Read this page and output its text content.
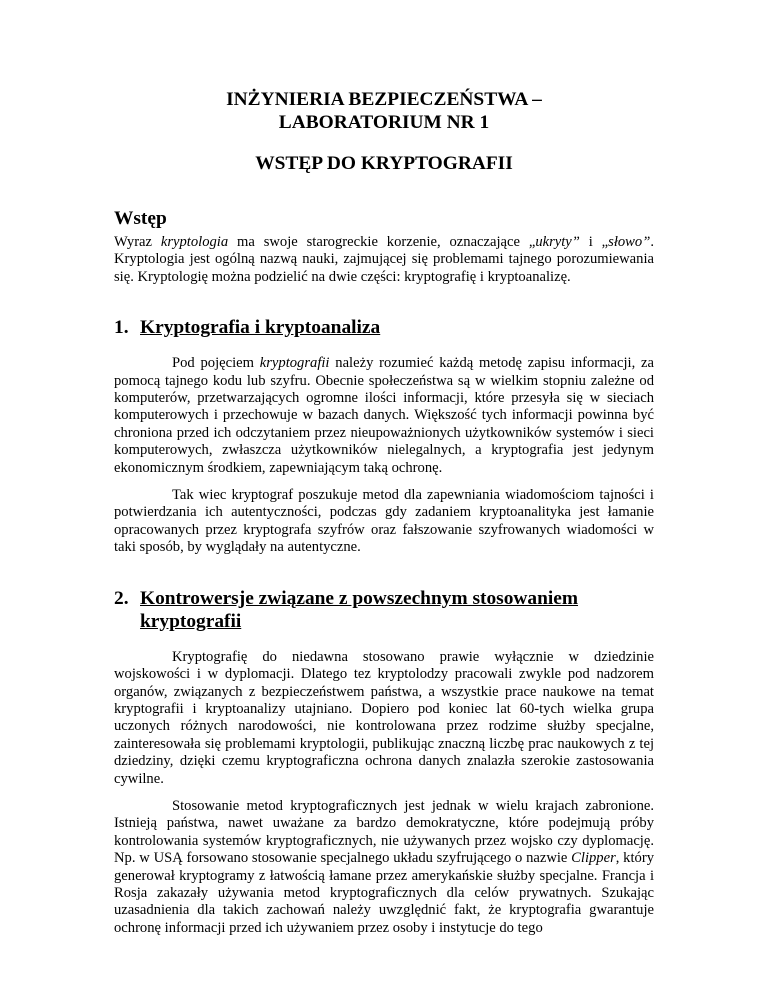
INŻYNIERIA BEZPIECZEŃSTWA –
LABORATORIUM NR 1
WSTĘP DO KRYPTOGRAFII
Wstęp

Wyraz kryptologia ma swoje starogreckie korzenie, oznaczające „ukryty” i „słowo”. Kryptologia jest ogólną nazwą nauki, zajmującej się problemami tajnego porozumiewania się. Kryptologię można podzielić na dwie części: kryptografię i kryptoanalizę.

1. Kryptografia i kryptoanaliza

Pod pojęciem kryptografii należy rozumieć każdą metodę zapisu informacji, za pomocą tajnego kodu lub szyfru. Obecnie społeczeństwa są w wielkim stopniu zależne od komputerów, przetwarzających ogromne ilości informacji, które przesyła się w sieciach komputerowych i przechowuje w bazach danych. Większość tych informacji powinna być chroniona przed ich odczytaniem przez nieupoważnionych użytkowników systemów i sieci komputerowych, zwłaszcza użytkowników nielegalnych, a kryptografia jest jedynym ekonomicznym środkiem, zapewniającym taką ochronę.

Tak wiec kryptograf poszukuje metod dla zapewniania wiadomościom tajności i potwierdzania ich autentyczności, podczas gdy zadaniem kryptoanalityka jest łamanie opracowanych przez kryptografa szyfrów oraz fałszowanie szyfrowanych wiadomości w taki sposób, by wyglądały na autentyczne.

2. Kontrowersje związane z powszechnym stosowaniem kryptografii

Kryptografię do niedawna stosowano prawie wyłącznie w dziedzinie wojskowości i w dyplomacji. Dlatego tez kryptolodzy pracowali zwykle pod nadzorem organów, związanych z bezpieczeństwem państwa, a wszystkie prace naukowe na temat kryptografii i kryptoanalizy utajniano. Dopiero pod koniec lat 60-tych wielka grupa uczonych różnych narodowości, nie kontrolowana przez rodzime służby specjalne, zainteresowała się problemami kryptologii, publikując znaczną liczbę prac naukowych z tej dziedziny, dzięki czemu kryptograficzna ochrona danych znalazła szerokie zastosowania cywilne.

Stosowanie metod kryptograficznych jest jednak w wielu krajach zabronione. Istnieją państwa, nawet uważane za bardzo demokratyczne, które podejmują próby kontrolowania systemów kryptograficznych, nie używanych przez wojsko czy dyplomację. Np. w USĄ forsowano stosowanie specjalnego układu szyfrującego o nazwie Clipper, który generował kryptogramy z łatwością łamane przez amerykańskie służby specjalne. Francja i Rosja zakazały używania metod kryptograficznych dla celów prywatnych. Szukając uzasadnienia dla takich zachowań należy uwzględnić fakt, że kryptografia gwarantuje ochronę informacji przed ich używaniem przez osoby i instytucje do tego
